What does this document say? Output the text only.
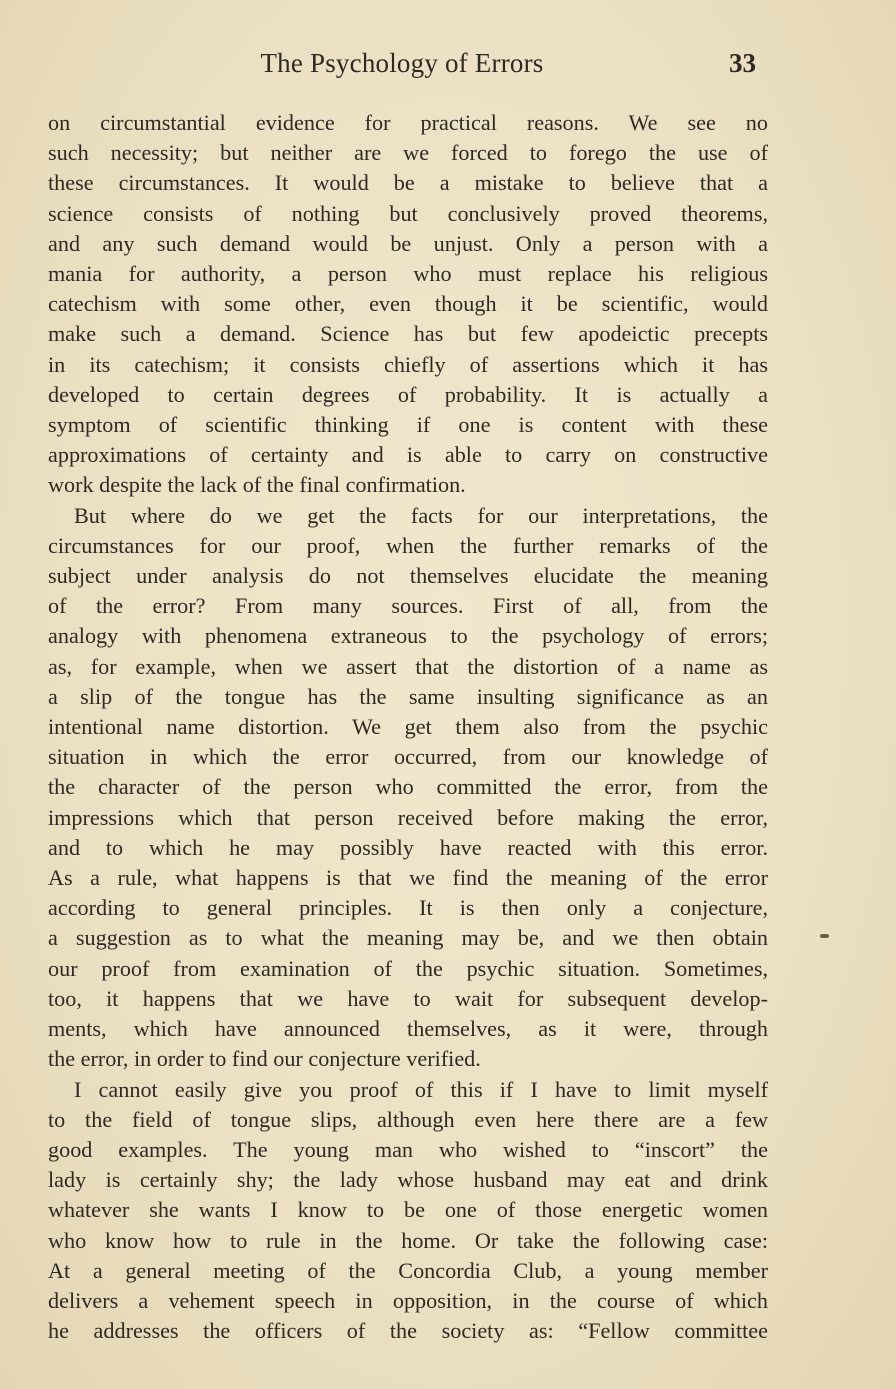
The Psychology of Errors	33
on circumstantial evidence for practical reasons. We see no
such necessity; but neither are we forced to forego the use of
these circumstances. It would be a mistake to believe that a
science consists of nothing but conclusively proved theorems,
and any such demand would be unjust. Only a person with a
mania for authority, a person who must replace his religious
catechism with some other, even though it be scientific, would
make such a demand. Science has but few apodeictic precepts
in its catechism; it consists chiefly of assertions which it has
developed to certain degrees of probability. It is actually a
symptom of scientific thinking if one is content with these
approximations of certainty and is able to carry on constructive
work despite the lack of the final confirmation.
But where do we get the facts for our interpretations, the
circumstances for our proof, when the further remarks of the
subject under analysis do not themselves elucidate the meaning
of the error? From many sources. First of all, from the
analogy with phenomena extraneous to the psychology of errors;
as, for example, when we assert that the distortion of a name as
a slip of the tongue has the same insulting significance as an
intentional name distortion. We get them also from the psychic
situation in which the error occurred, from our knowledge of
the character of the person who committed the error, from the
impressions which that person received before making the error,
and to which he may possibly have reacted with this error.
As a rule, what happens is that we find the meaning of the error
according to general principles. It is then only a conjecture,
a suggestion as to what the meaning may be, and we then obtain
our proof from examination of the psychic situation. Sometimes,
too, it happens that we have to wait for subsequent develop-
ments, which have announced themselves, as it were, through
the error, in order to find our conjecture verified.
I cannot easily give you proof of this if I have to limit myself
to the field of tongue slips, although even here there are a few
good examples. The young man who wished to “inscort” the
lady is certainly shy; the lady whose husband may eat and drink
whatever she wants I know to be one of those energetic women
who know how to rule in the home. Or take the following case:
At a general meeting of the Concordia Club, a young member
delivers a vehement speech in opposition, in the course of which
he addresses the officers of the society as: “Fellow committee
